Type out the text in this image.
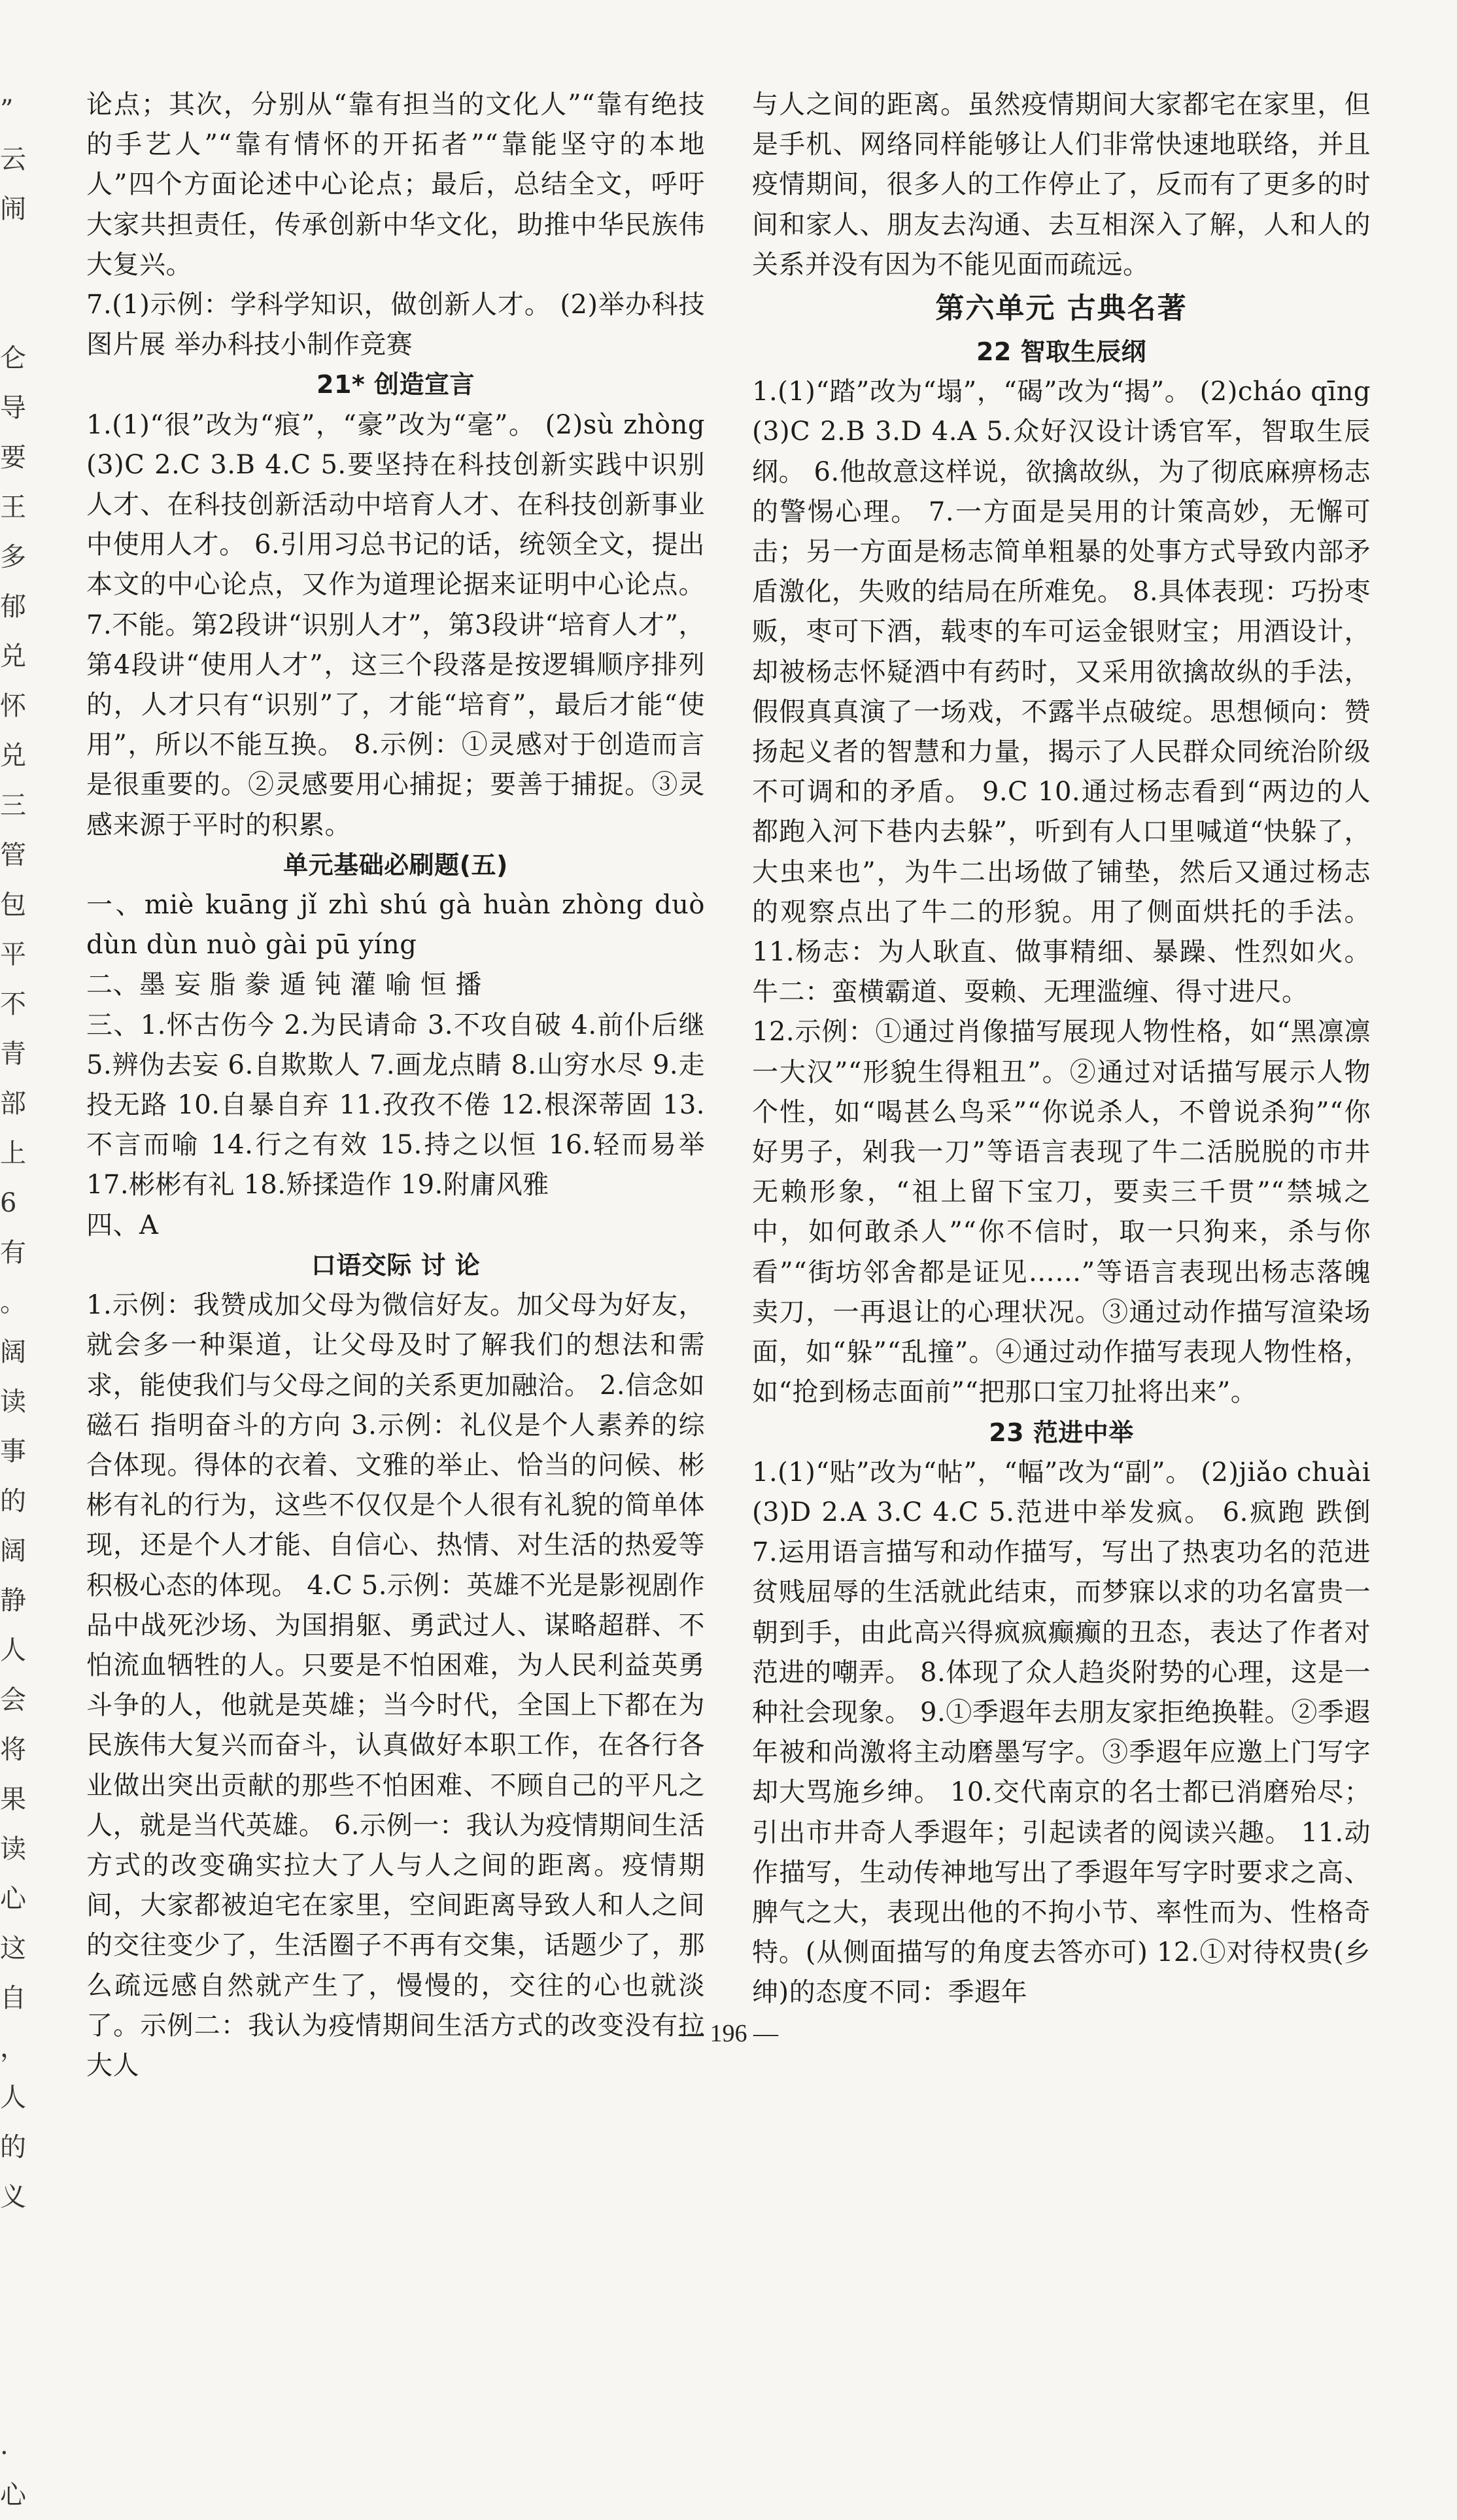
”
云
闹
仑
导
要
王
多
郁
兑
怀
兑
三
管
包
平
不
青
部
上
6
有
。
阔
读
事
的
阔
静
人
会
将
果
读
心
这
自
，
人
的
义
.
心

论点；其次，分别从“靠有担当的文化人”“靠有绝技的手艺人”“靠有情怀的开拓者”“靠能坚守的本地人”四个方面论述中心论点；最后，总结全文，呼吁大家共担责任，传承创新中华文化，助推中华民族伟大复兴。

7.(1)示例：学科学知识，做创新人才。 (2)举办科技图片展 举办科技小制作竞赛

21* 创造宣言

1.(1)“很”改为“痕”，“豪”改为“毫”。 (2)sù zhòng (3)C 2.C 3.B 4.C 5.要坚持在科技创新实践中识别人才、在科技创新活动中培育人才、在科技创新事业中使用人才。 6.引用习总书记的话，统领全文，提出本文的中心论点，又作为道理论据来证明中心论点。 7.不能。第2段讲“识别人才”，第3段讲“培育人才”，第4段讲“使用人才”，这三个段落是按逻辑顺序排列的，人才只有“识别”了，才能“培育”，最后才能“使用”，所以不能互换。 8.示例：①灵感对于创造而言是很重要的。②灵感要用心捕捉；要善于捕捉。③灵感来源于平时的积累。

单元基础必刷题(五)

一、miè kuāng jǐ zhì shú gà huàn zhòng duò dùn dùn nuò gài pū yíng

二、墨 妄 脂 豢 遁 钝 灌 喻 恒 播

三、1.怀古伤今 2.为民请命 3.不攻自破 4.前仆后继 5.辨伪去妄 6.自欺欺人 7.画龙点睛 8.山穷水尽 9.走投无路 10.自暴自弃 11.孜孜不倦 12.根深蒂固 13.不言而喻 14.行之有效 15.持之以恒 16.轻而易举 17.彬彬有礼 18.矫揉造作 19.附庸风雅

四、A

口语交际 讨 论

1.示例：我赞成加父母为微信好友。加父母为好友，就会多一种渠道，让父母及时了解我们的想法和需求，能使我们与父母之间的关系更加融洽。 2.信念如磁石 指明奋斗的方向 3.示例：礼仪是个人素养的综合体现。得体的衣着、文雅的举止、恰当的问候、彬彬有礼的行为，这些不仅仅是个人很有礼貌的简单体现，还是个人才能、自信心、热情、对生活的热爱等积极心态的体现。 4.C 5.示例：英雄不光是影视剧作品中战死沙场、为国捐躯、勇武过人、谋略超群、不怕流血牺牲的人。只要是不怕困难，为人民利益英勇斗争的人，他就是英雄；当今时代，全国上下都在为民族伟大复兴而奋斗，认真做好本职工作，在各行各业做出突出贡献的那些不怕困难、不顾自己的平凡之人，就是当代英雄。 6.示例一：我认为疫情期间生活方式的改变确实拉大了人与人之间的距离。疫情期间，大家都被迫宅在家里，空间距离导致人和人之间的交往变少了，生活圈子不再有交集，话题少了，那么疏远感自然就产生了，慢慢的，交往的心也就淡了。示例二：我认为疫情期间生活方式的改变没有拉大人

与人之间的距离。虽然疫情期间大家都宅在家里，但是手机、网络同样能够让人们非常快速地联络，并且疫情期间，很多人的工作停止了，反而有了更多的时间和家人、朋友去沟通、去互相深入了解，人和人的关系并没有因为不能见面而疏远。

第六单元 古典名著
22 智取生辰纲

1.(1)“踏”改为“塌”，“碣”改为“揭”。 (2)cháo qīng (3)C 2.B 3.D 4.A 5.众好汉设计诱官军，智取生辰纲。 6.他故意这样说，欲擒故纵，为了彻底麻痹杨志的警惕心理。 7.一方面是吴用的计策高妙，无懈可击；另一方面是杨志简单粗暴的处事方式导致内部矛盾激化，失败的结局在所难免。 8.具体表现：巧扮枣贩，枣可下酒，载枣的车可运金银财宝；用酒设计，却被杨志怀疑酒中有药时，又采用欲擒故纵的手法，假假真真演了一场戏，不露半点破绽。思想倾向：赞扬起义者的智慧和力量，揭示了人民群众同统治阶级不可调和的矛盾。 9.C 10.通过杨志看到“两边的人都跑入河下巷内去躲”，听到有人口里喊道“快躲了，大虫来也”，为牛二出场做了铺垫，然后又通过杨志的观察点出了牛二的形貌。用了侧面烘托的手法。 11.杨志：为人耿直、做事精细、暴躁、性烈如火。牛二：蛮横霸道、耍赖、无理滥缠、得寸进尺。

12.示例：①通过肖像描写展现人物性格，如“黑凛凛一大汉”“形貌生得粗丑”。②通过对话描写展示人物个性，如“喝甚么鸟采”“你说杀人，不曾说杀狗”“你好男子，剁我一刀”等语言表现了牛二活脱脱的市井无赖形象，“祖上留下宝刀，要卖三千贯”“禁城之中，如何敢杀人”“你不信时，取一只狗来，杀与你看”“街坊邻舍都是证见……”等语言表现出杨志落魄卖刀，一再退让的心理状况。③通过动作描写渲染场面，如“躲”“乱撞”。④通过动作描写表现人物性格，如“抢到杨志面前”“把那口宝刀扯将出来”。

23 范进中举

1.(1)“贴”改为“帖”，“幅”改为“副”。 (2)jiǎo chuài (3)D 2.A 3.C 4.C 5.范进中举发疯。 6.疯跑 跌倒 7.运用语言描写和动作描写，写出了热衷功名的范进贫贱屈辱的生活就此结束，而梦寐以求的功名富贵一朝到手，由此高兴得疯疯癫癫的丑态，表达了作者对范进的嘲弄。 8.体现了众人趋炎附势的心理，这是一种社会现象。 9.①季遐年去朋友家拒绝换鞋。②季遐年被和尚激将主动磨墨写字。③季遐年应邀上门写字却大骂施乡绅。 10.交代南京的名士都已消磨殆尽；引出市井奇人季遐年；引起读者的阅读兴趣。 11.动作描写，生动传神地写出了季遐年写字时要求之高、脾气之大，表现出他的不拘小节、率性而为、性格奇特。(从侧面描写的角度去答亦可) 12.①对待权贵(乡绅)的态度不同：季遐年

— 196 —
